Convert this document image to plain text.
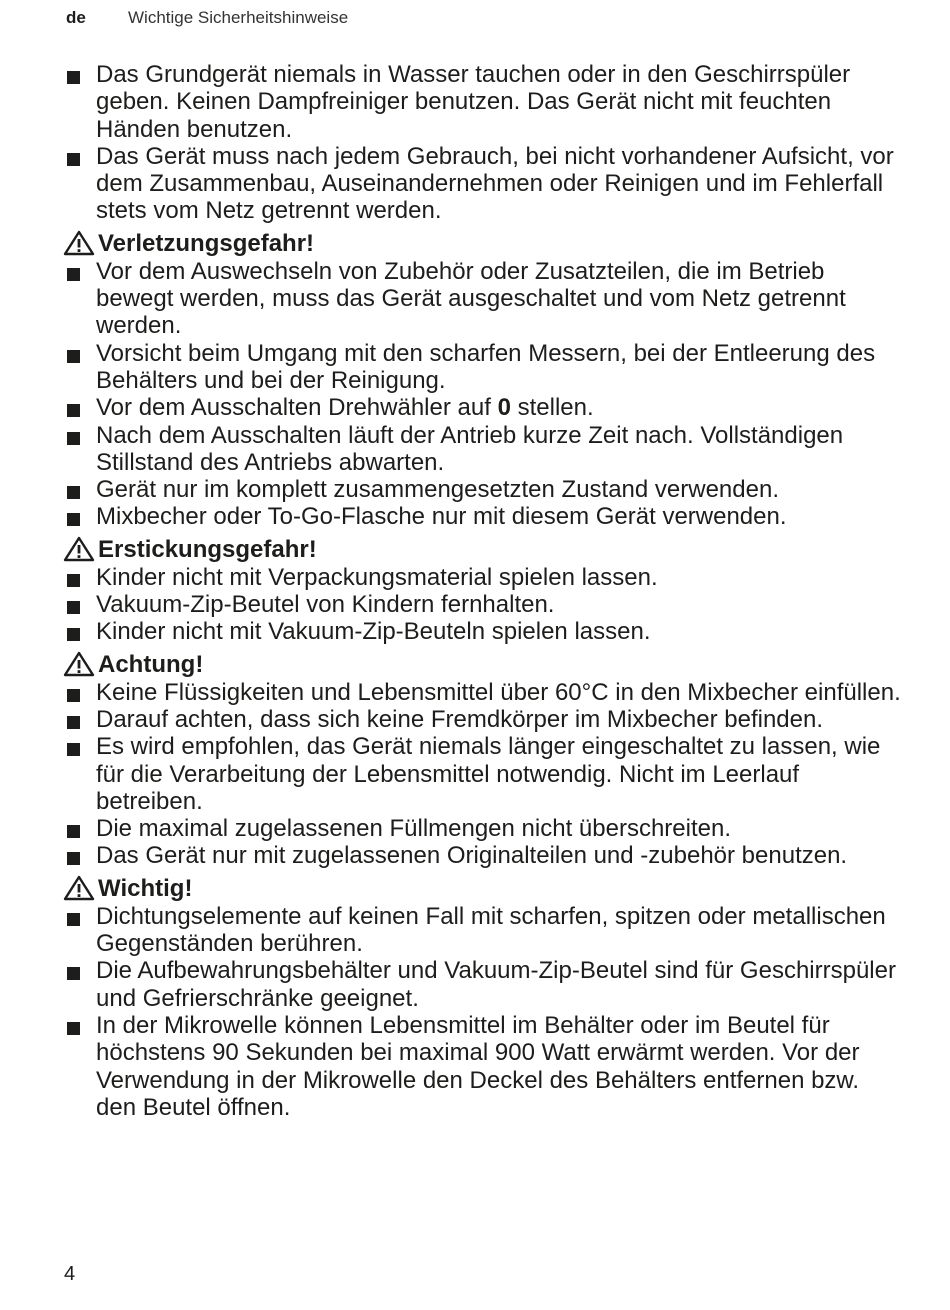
de	Wichtige Sicherheitshinweise
Das Grundgerät niemals in Wasser tauchen oder in den Geschirrspüler geben. Keinen Dampfreiniger benutzen. Das Gerät nicht mit feuchten Händen benutzen.
Das Gerät muss nach jedem Gebrauch, bei nicht vorhandener Aufsicht, vor dem Zusammenbau, Auseinandernehmen oder Reinigen und im Fehlerfall stets vom Netz getrennt werden.
Verletzungsgefahr!
Vor dem Auswechseln von Zubehör oder Zusatzteilen, die im Betrieb bewegt werden, muss das Gerät ausgeschaltet und vom Netz getrennt werden.
Vorsicht beim Umgang mit den scharfen Messern, bei der Entleerung des Behälters und bei der Reinigung.
Vor dem Ausschalten Drehwähler auf 0 stellen.
Nach dem Ausschalten läuft der Antrieb kurze Zeit nach. Vollständigen Stillstand des Antriebs abwarten.
Gerät nur im komplett zusammengesetzten Zustand verwenden.
Mixbecher oder To-Go-Flasche nur mit diesem Gerät verwenden.
Erstickungsgefahr!
Kinder nicht mit Verpackungsmaterial spielen lassen.
Vakuum-Zip-Beutel von Kindern fernhalten.
Kinder nicht mit Vakuum-Zip-Beuteln spielen lassen.
Achtung!
Keine Flüssigkeiten und Lebensmittel über 60°C in den Mixbecher einfüllen.
Darauf achten, dass sich keine Fremdkörper im Mixbecher befinden.
Es wird empfohlen, das Gerät niemals länger eingeschaltet zu lassen, wie für die Verarbeitung der Lebensmittel notwendig. Nicht im Leerlauf betreiben.
Die maximal zugelassenen Füllmengen nicht überschreiten.
Das Gerät nur mit zugelassenen Originalteilen und -zubehör benutzen.
Wichtig!
Dichtungselemente auf keinen Fall mit scharfen, spitzen oder metallischen Gegenständen berühren.
Die Aufbewahrungsbehälter und Vakuum-Zip-Beutel sind für Geschirrspüler und Gefrierschränke geeignet.
In der Mikrowelle können Lebensmittel im Behälter oder im Beutel für höchstens 90 Sekunden bei maximal 900 Watt erwärmt werden. Vor der Verwendung in der Mikrowelle den Deckel des Behälters entfernen bzw. den Beutel öffnen.
4
